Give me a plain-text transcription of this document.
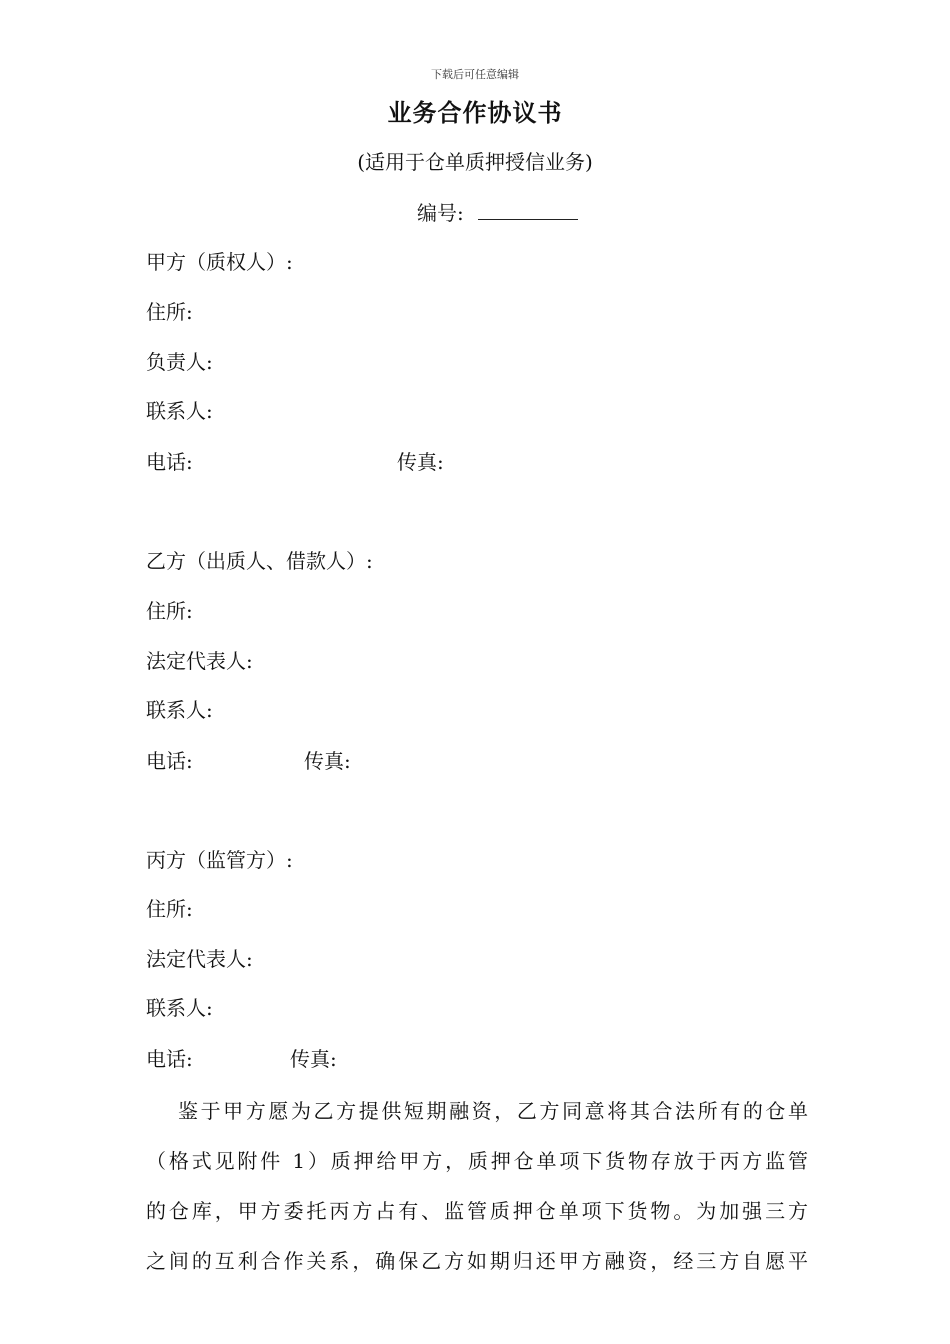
下载后可任意编辑
业务合作协议书
(适用于仓单质押授信业务)
编号:
甲方（质权人）:
住所:
负责人:
联系人:
电话:	传真:
乙方（出质人、借款人）:
住所:
法定代表人:
联系人:
电话:	传真:
丙方（监管方）:
住所:
法定代表人:
联系人:
电话:	传真:
鉴于甲方愿为乙方提供短期融资，乙方同意将其合法所有的仓单
（格式见附件 1）质押给甲方，质押仓单项下货物存放于丙方监管
的仓库，甲方委托丙方占有、监管质押仓单项下货物。为加强三方
之间的互利合作关系，确保乙方如期归还甲方融资，经三方自愿平
